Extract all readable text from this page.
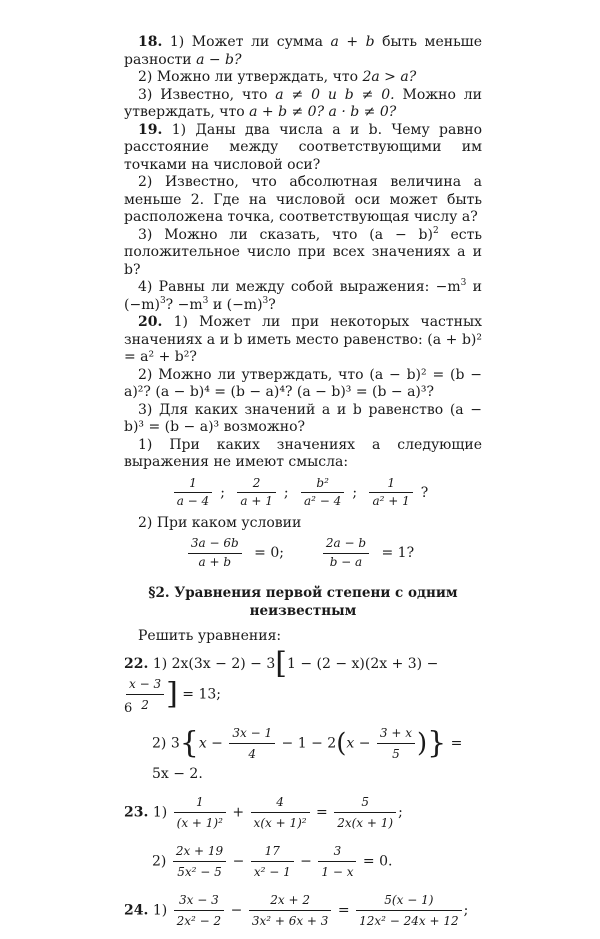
18. 1) Может ли сумма a + b быть меньше разности a − b?

2) Можно ли утверждать, что 2a > a?

3) Известно, что a ≠ 0 и b ≠ 0. Можно ли утверждать, что a + b ≠ 0? a · b ≠ 0?

19. 1) Даны два числа a и b. Чему равно расстояние между соответствующими им точками на числовой оси?

2) Известно, что абсолютная величина a меньше 2. Где на числовой оси может быть расположена точка, соответствующая числу a?

3) Можно ли сказать, что $(a - b)^2$ есть положительное число при всех значениях a и b?

4) Равны ли между собой выражения: $-m^3$ и $(-m)^3$? $-m^3$ и $(-m)^3$?

20. 1) Может ли при некоторых частных значениях a и b иметь место равенство: (a + b)² = a² + b²?

2) Можно ли утверждать, что (a − b)² = (b − a)²? (a − b)⁴ = (b − a)⁴? (a − b)³ = (b − a)³?

3) Для каких значений a и b равенство (a − b)³ = (b − a)³ возможно?

1) При каких значениях a следующие выражения не имеют смысла:

$\frac{1}{a - 4}$ ; $\frac{2}{a + 1}$ ; $\frac{\text{b²}}{\text{a² − 4}}$ ; $\frac{1}{\text{a² + 1}}$ ?

2) При каком условии

$\frac{3a - 6b}{a + b} = 0$;	$\frac{2a - b}{b - a} = 1$?
§2. Уравнения первой степени с одним неизвестным

Решить уравнения:

22. 1) 2x(3x − 2) − 3[1 − (2 − x)(2x + 3) −
$\frac{x - 3}{2}$ ] = 13;
2) $3\{x - \frac{3x - 1}{4} - 1 - 2(x - \frac{3 + x}{5}$ )} = 5x − 2.
23. $1) \frac{1}{\text{(x + 1)²}} + \frac{4}{\text{x(x + 1)²}} = \frac{5}{2x(x + 1)}$ ;
$2) \frac{2x + 19}{\text{5x² − 5}} - \frac{17}{\text{x² − 1}} - \frac{3}{1 - x} = 0$.
24. $1) \frac{3x - 3}{\text{2x² − 2}} - \frac{2x + 2}{\text{3x² + 6x + 3}} = \frac{5(x - 1)}{\text{12x² − 24x + 12}}$ ;
6
